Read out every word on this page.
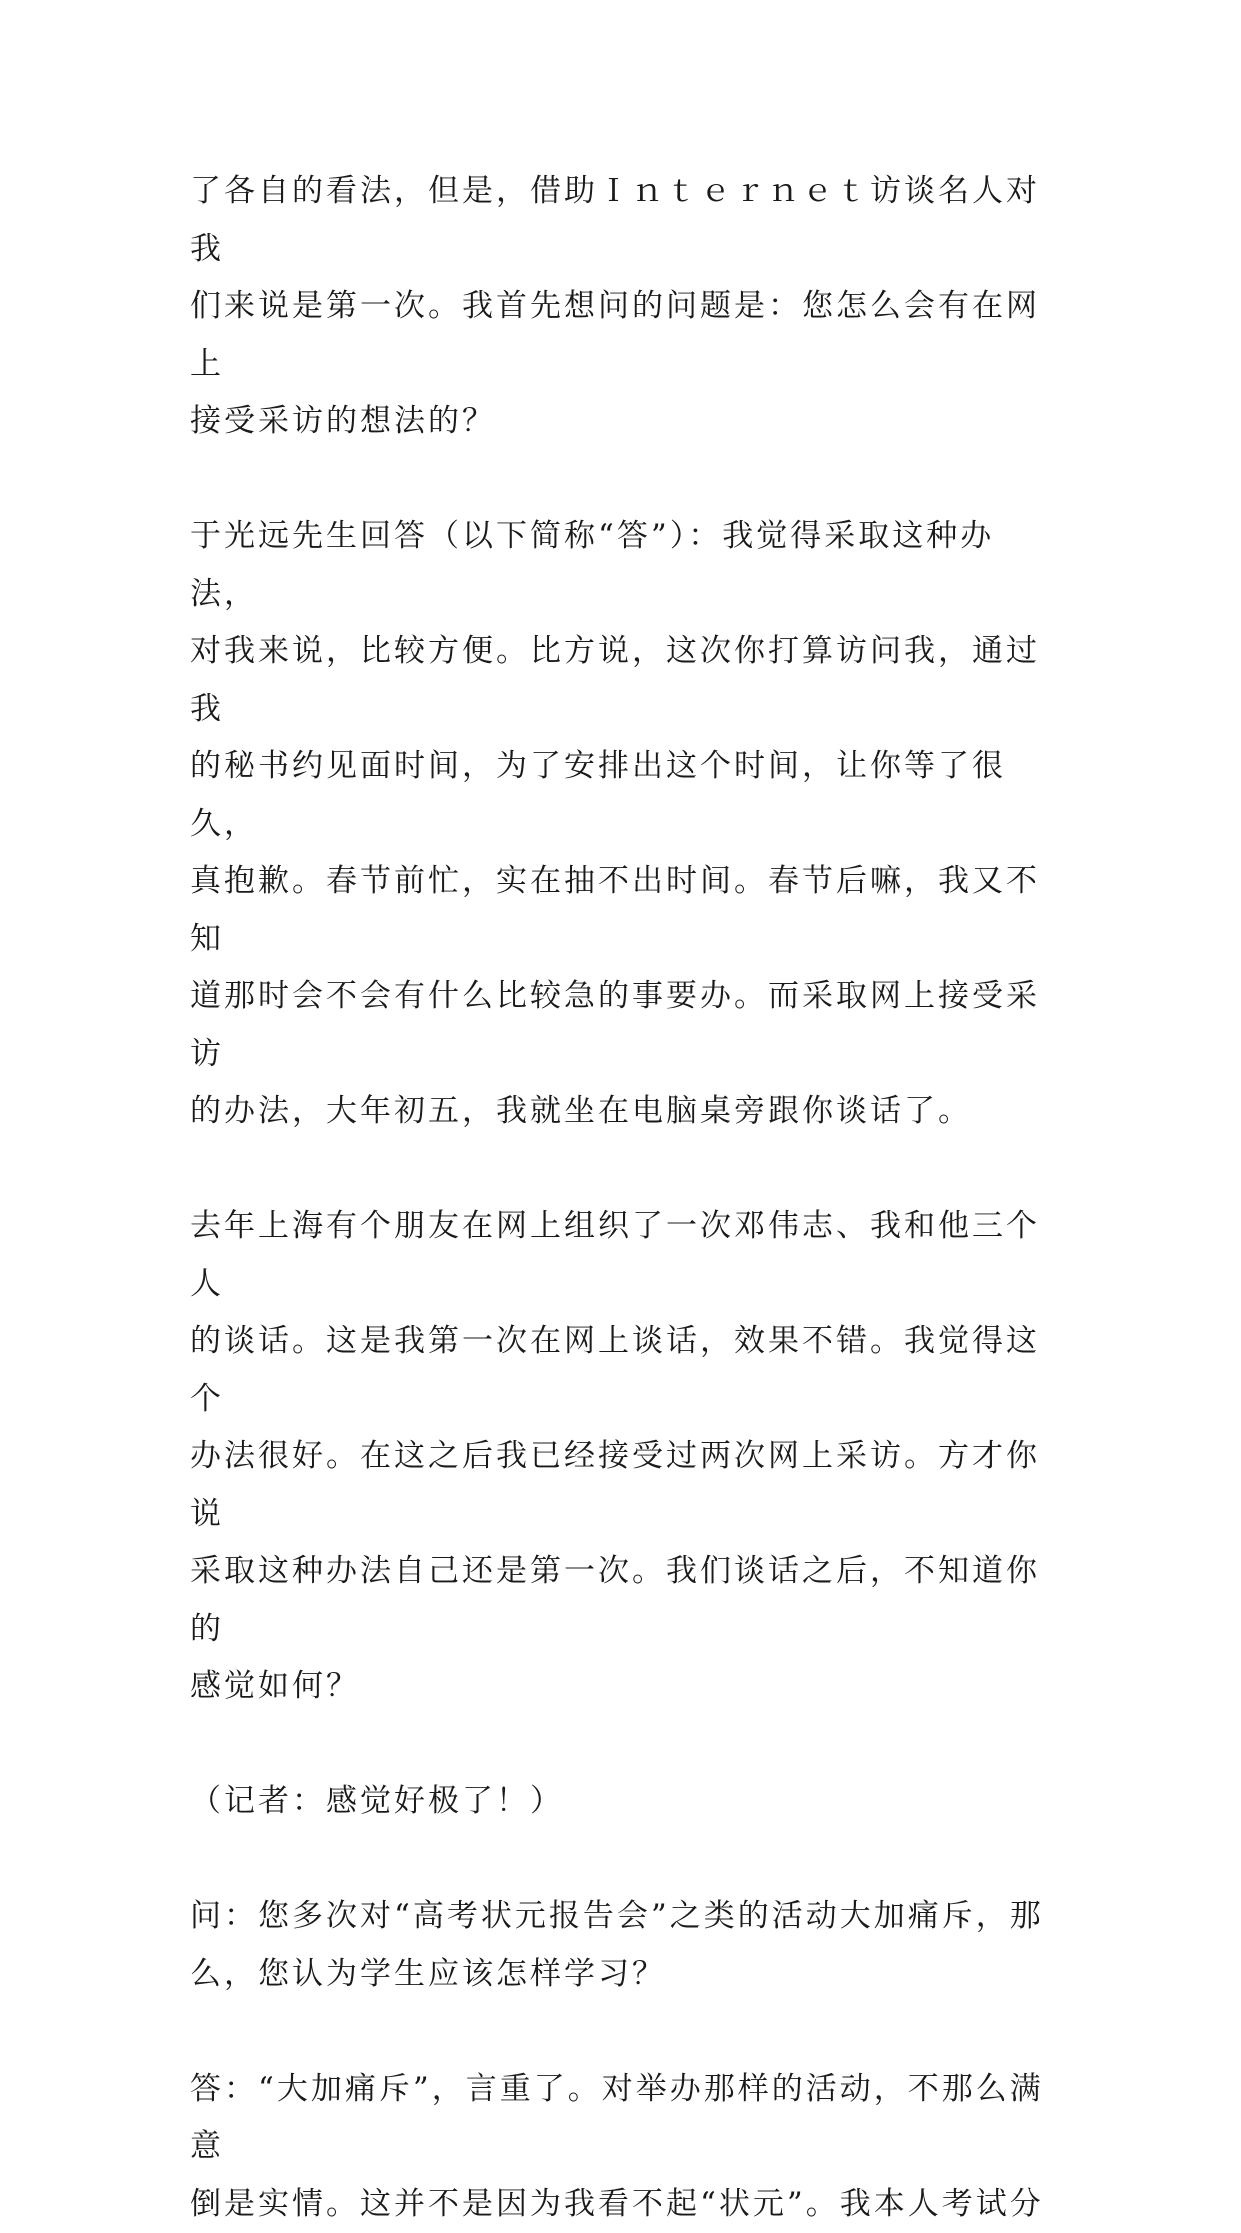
了各自的看法，但是，借助Ｉｎｔｅｒｎｅｔ访谈名人对我
们来说是第一次。我首先想问的问题是：您怎么会有在网上
接受采访的想法的？

于光远先生回答（以下简称“答”）：我觉得采取这种办法，
对我来说，比较方便。比方说，这次你打算访问我，通过我
的秘书约见面时间，为了安排出这个时间，让你等了很久，
真抱歉。春节前忙，实在抽不出时间。春节后嘛，我又不知
道那时会不会有什么比较急的事要办。而采取网上接受采访
的办法，大年初五，我就坐在电脑桌旁跟你谈话了。

去年上海有个朋友在网上组织了一次邓伟志、我和他三个人
的谈话。这是我第一次在网上谈话，效果不错。我觉得这个
办法很好。在这之后我已经接受过两次网上采访。方才你说
采取这种办法自己还是第一次。我们谈话之后，不知道你的
感觉如何？

（记者：感觉好极了！）

问：您多次对“高考状元报告会”之类的活动大加痛斥，那
么，您认为学生应该怎样学习？

答：“大加痛斥”，言重了。对举办那样的活动，不那么满意
倒是实情。这并不是因为我看不起“状元”。我本人考试分
